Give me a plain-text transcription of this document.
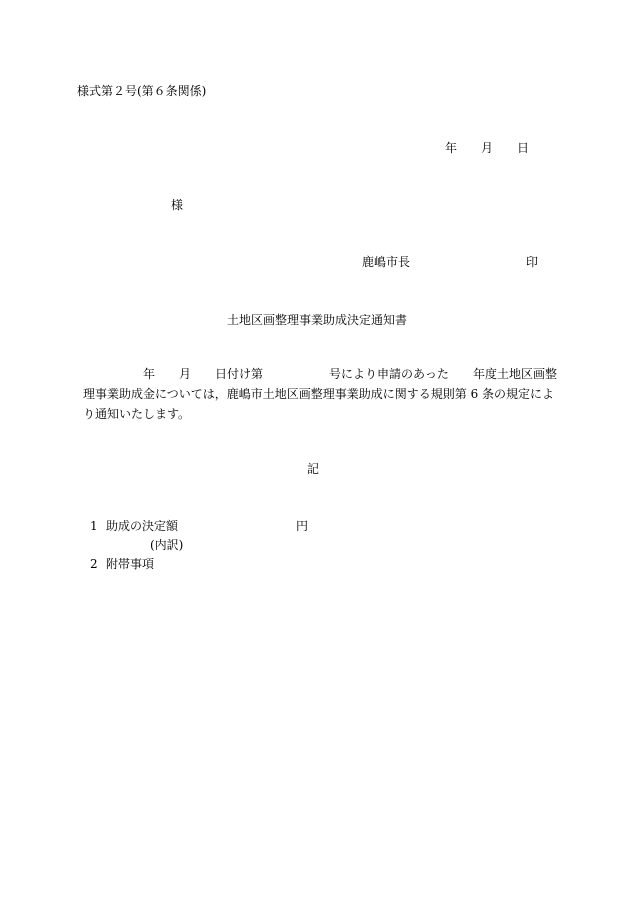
様式第２号(第６条関係)
年 月 日
様
鹿嶋市長	印
土地区画整理事業助成決定通知書
年 月 日付け第	号により申請のあった 年度土地区画整
理事業助成金については，鹿嶋市土地区画整理事業助成に関する規則第 6 条の規定によ
り通知いたします。
記
1 助成の決定額	円
(内訳)
2 附帯事項
